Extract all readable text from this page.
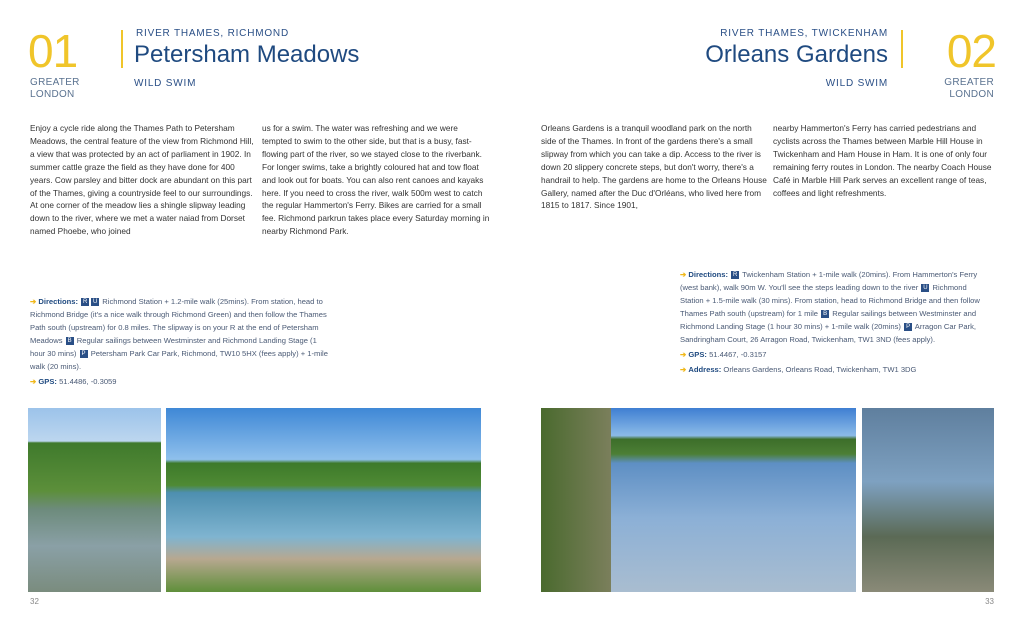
01
GREATER
LONDON
RIVER THAMES, RICHMOND
Petersham Meadows
WILD SWIM
Enjoy a cycle ride along the Thames Path to Petersham Meadows, the central feature of the view from Richmond Hill, a view that was protected by an act of parliament in 1902. In summer cattle graze the field as they have done for 400 years. Cow parsley and bitter dock are abundant on this part of the Thames, giving a countryside feel to our surroundings. At one corner of the meadow lies a shingle slipway leading down to the river, where we met a water naiad from Dorset named Phoebe, who joined
us for a swim. The water was refreshing and we were tempted to swim to the other side, but that is a busy, fast-flowing part of the river, so we stayed close to the riverbank. For longer swims, take a brightly coloured hat and tow float and look out for boats. You can also rent canoes and kayaks here. If you need to cross the river, walk 500m west to catch the regular Hammerton's Ferry. Bikes are carried for a small fee. Richmond parkrun takes place every Saturday morning in nearby Richmond Park.
➔ Directions: R U Richmond Station + 1.2-mile walk (25mins). From station, head to Richmond Bridge (it's a nice walk through Richmond Green) and then follow the Thames Path south (upstream) for 0.8 miles. The slipway is on your R at the end of Petersham Meadows B Regular sailings between Westminster and Richmond Landing Stage (1 hour 30 mins) P Petersham Park Car Park, Richmond, TW10 5HX (fees apply) + 1-mile walk (20 mins).
➔ GPS: 51.4486, -0.3059
32
RIVER THAMES, TWICKENHAM
Orleans Gardens
WILD SWIM
02
GREATER
LONDON
Orleans Gardens is a tranquil woodland park on the north side of the Thames. In front of the gardens there's a small slipway from which you can take a dip. Access to the river is down 20 slippery concrete steps, but don't worry, there's a handrail to help. The gardens are home to the Orleans House Gallery, named after the Duc d'Orléans, who lived here from 1815 to 1817. Since 1901,
nearby Hammerton's Ferry has carried pedestrians and cyclists across the Thames between Marble Hill House in Twickenham and Ham House in Ham. It is one of only four remaining ferry routes in London. The nearby Coach House Café in Marble Hill Park serves an excellent range of teas, coffees and light refreshments.
➔ Directions: R Twickenham Station + 1-mile walk (20mins). From Hammerton's Ferry (west bank), walk 90m W. You'll see the steps leading down to the river U Richmond Station + 1.5-mile walk (30 mins). From station, head to Richmond Bridge and then follow Thames Path south (upstream) for 1 mile B Regular sailings between Westminster and Richmond Landing Stage (1 hour 30 mins) + 1-mile walk (20mins) P Arragon Car Park, Sandringham Court, 26 Arragon Road, Twickenham, TW1 3ND (fees apply).
➔ GPS: 51.4467, -0.3157
➔ Address: Orleans Gardens, Orleans Road, Twickenham, TW1 3DG
33
